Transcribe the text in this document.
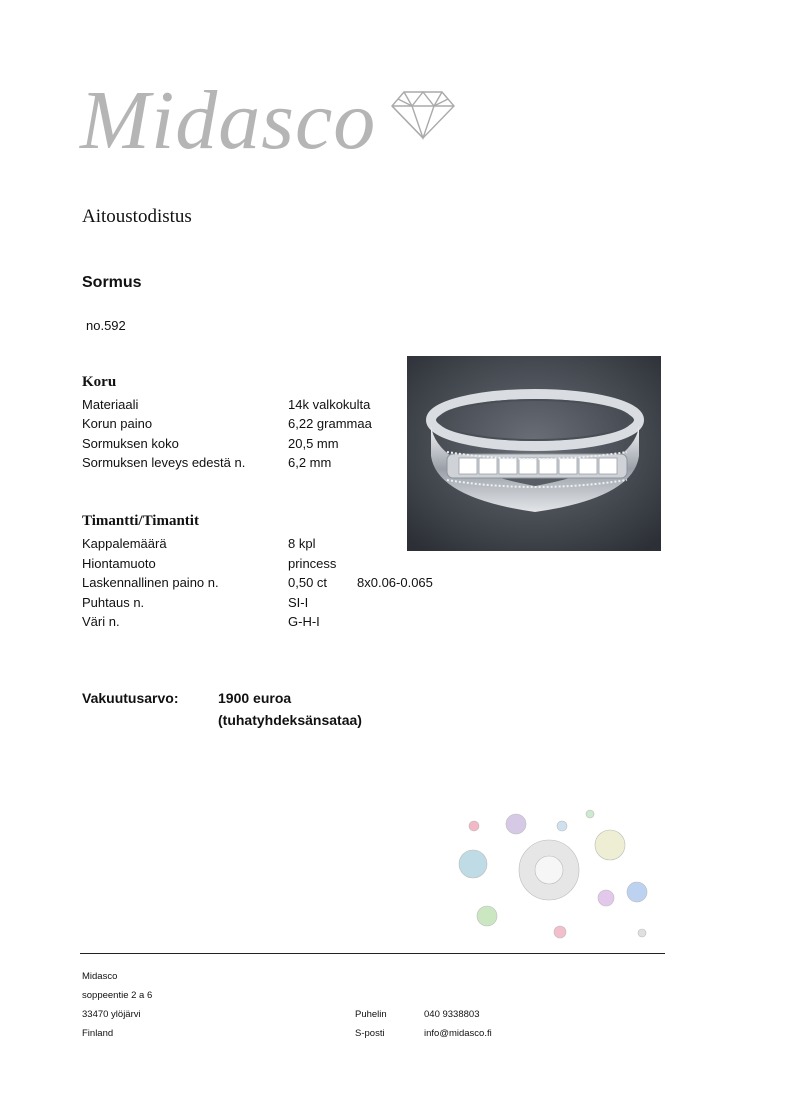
Midasco
Aitoustodistus
Sormus
no.592
Koru
Materiaali	14k valkokulta
Korun paino	6,22 grammaa
Sormuksen koko	20,5 mm
Sormuksen leveys edestä n.	6,2 mm
Timantti/Timantit
Kappalemäärä	8 kpl
Hiontamuoto	princess
Laskennallinen paino n.	0,50 ct 8x0.06-0.065
Puhtaus n.	SI-I
Väri n.	G-H-I
Vakuutusarvo:	1900 euroa
(tuhatyhdeksänsataa)
Midasco
soppeentie 2 a 6
33470 ylöjärvi
Finland
Puhelin	040 9338803
S-posti	info@midasco.fi
